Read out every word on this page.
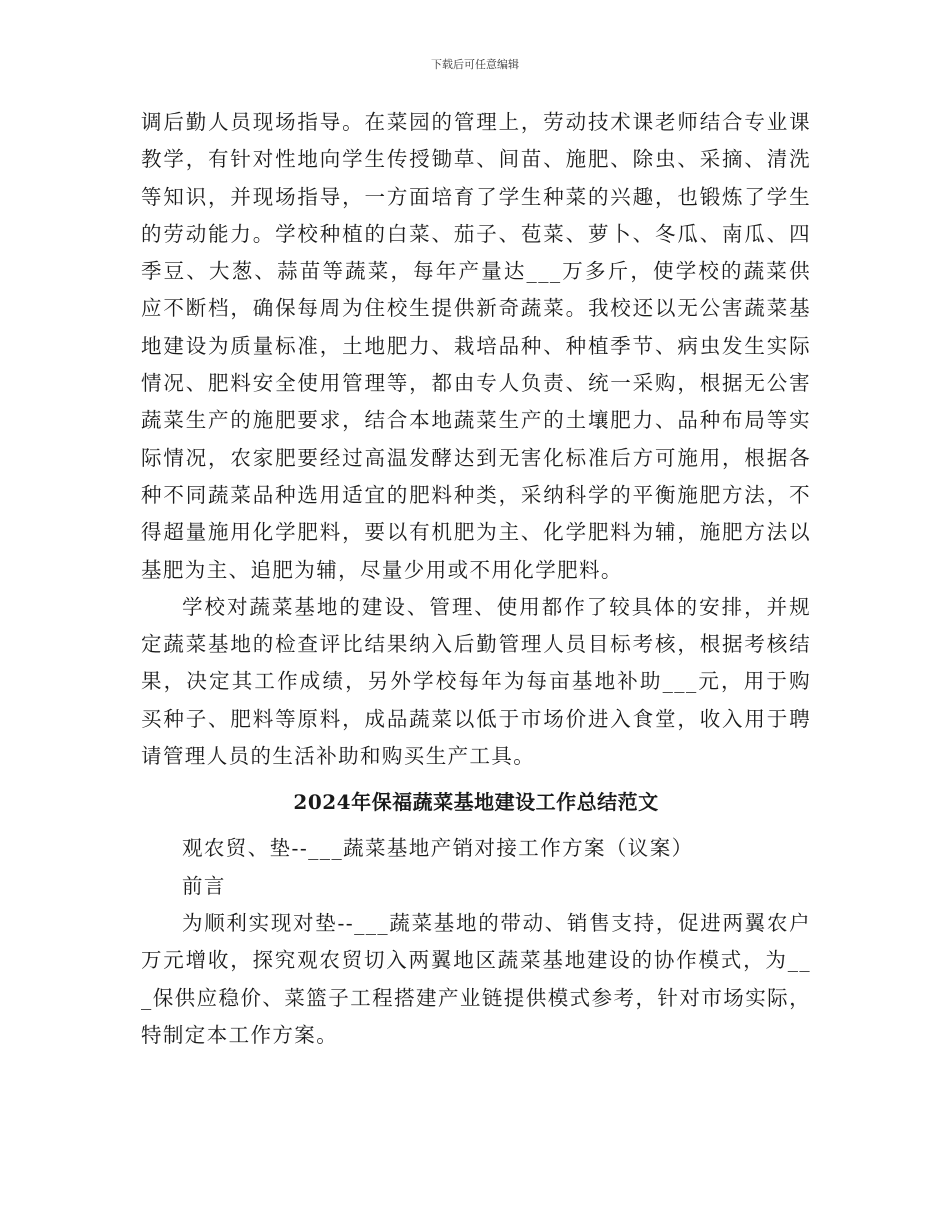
下载后可任意编辑

调后勤人员现场指导。在菜园的管理上，劳动技术课老师结合专业课教学，有针对性地向学生传授锄草、间苗、施肥、除虫、采摘、清洗等知识，并现场指导，一方面培育了学生种菜的兴趣，也锻炼了学生的劳动能力。学校种植的白菜、茄子、苞菜、萝卜、冬瓜、南瓜、四季豆、大葱、蒜苗等蔬菜，每年产量达___万多斤，使学校的蔬菜供应不断档，确保每周为住校生提供新奇蔬菜。我校还以无公害蔬菜基地建设为质量标准，土地肥力、栽培品种、种植季节、病虫发生实际情况、肥料安全使用管理等，都由专人负责、统一采购，根据无公害蔬菜生产的施肥要求，结合本地蔬菜生产的土壤肥力、品种布局等实际情况，农家肥要经过高温发酵达到无害化标准后方可施用，根据各种不同蔬菜品种选用适宜的肥料种类，采纳科学的平衡施肥方法，不得超量施用化学肥料，要以有机肥为主、化学肥料为辅，施肥方法以基肥为主、追肥为辅，尽量少用或不用化学肥料。

学校对蔬菜基地的建设、管理、使用都作了较具体的安排，并规定蔬菜基地的检查评比结果纳入后勤管理人员目标考核，根据考核结果，决定其工作成绩，另外学校每年为每亩基地补助___元，用于购买种子、肥料等原料，成品蔬菜以低于市场价进入食堂，收入用于聘请管理人员的生活补助和购买生产工具。

2024年保福蔬菜基地建设工作总结范文

观农贸、垫--___蔬菜基地产销对接工作方案（议案）

前言

为顺利实现对垫--___蔬菜基地的带动、销售支持，促进两翼农户万元增收，探究观农贸切入两翼地区蔬菜基地建设的协作模式，为___保供应稳价、菜篮子工程搭建产业链提供模式参考，针对市场实际，特制定本工作方案。
